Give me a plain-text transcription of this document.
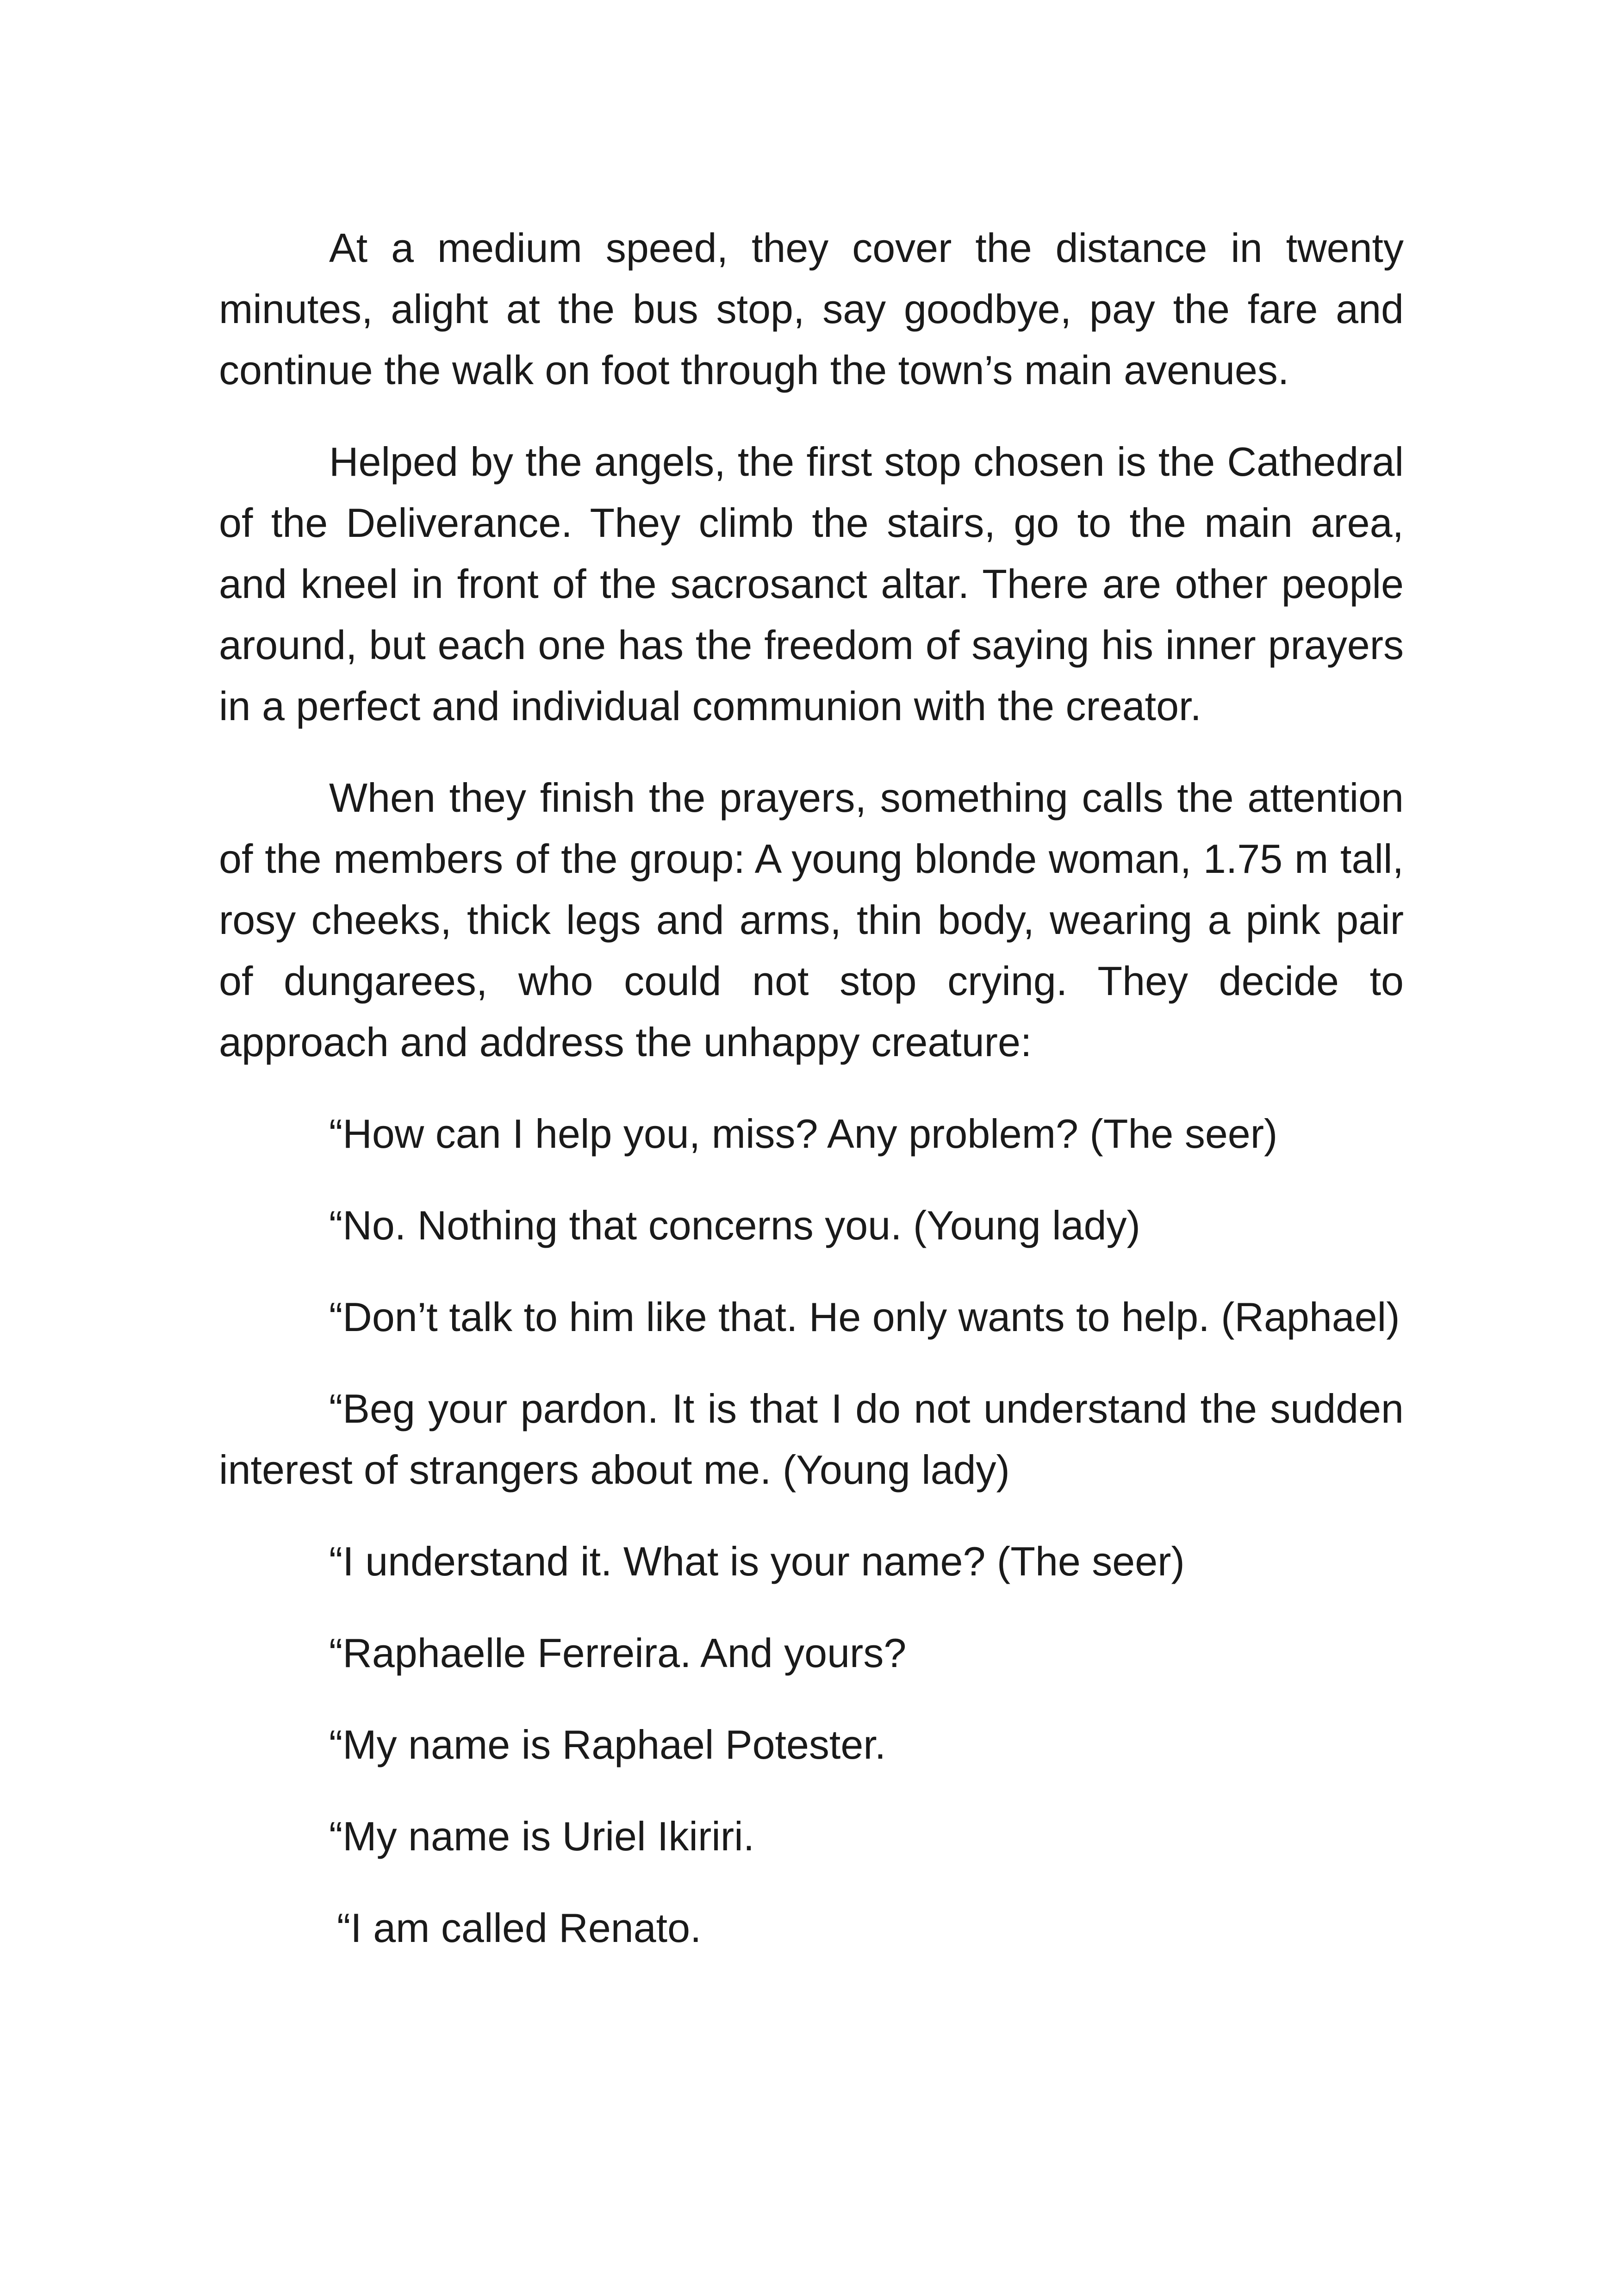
At a medium speed, they cover the distance in twenty minutes, alight at the bus stop, say goodbye, pay the fare and continue the walk on foot through the town’s main avenues.

Helped by the angels, the first stop chosen is the Cathedral of the Deliverance. They climb the stairs, go to the main area, and kneel in front of the sacrosanct altar. There are other people around, but each one has the freedom of saying his inner prayers in a perfect and individual communion with the creator.

When they finish the prayers, something calls the attention of the members of the group: A young blonde woman, 1.75 m tall, rosy cheeks, thick legs and arms, thin body, wearing a pink pair of dungarees, who could not stop crying. They decide to approach and address the unhappy creature:

“How can I help you, miss? Any problem? (The seer)

“No. Nothing that concerns you. (Young lady)

“Don’t talk to him like that. He only wants to help. (Raphael)

“Beg your pardon. It is that I do not understand the sudden interest of strangers about me. (Young lady)

“I understand it. What is your name? (The seer)

“Raphaelle Ferreira. And yours?

“My name is Raphael Potester.

“My name is Uriel Ikiriri.

“I am called Renato.
